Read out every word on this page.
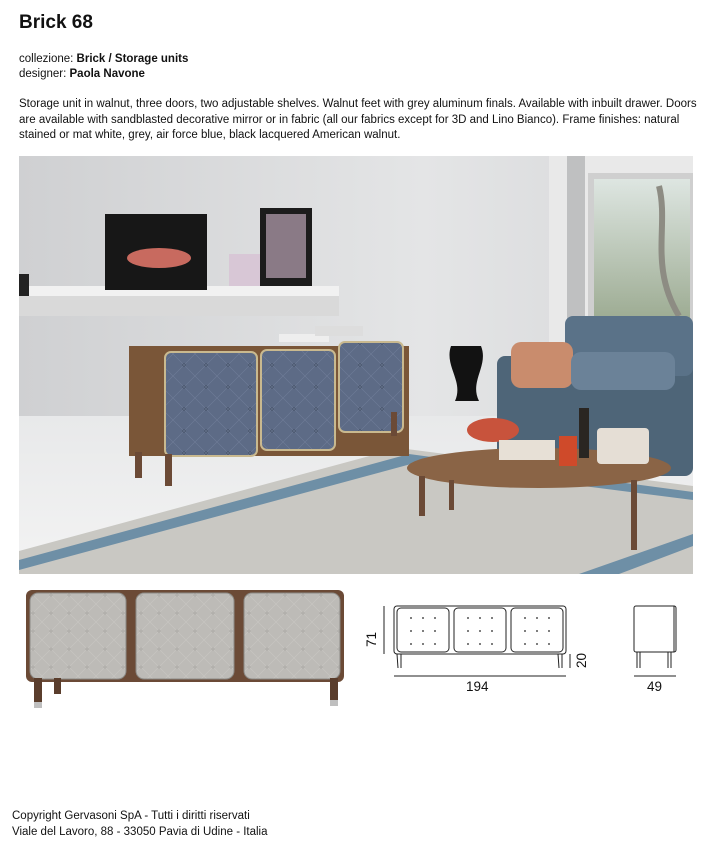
Brick 68
collezione: Brick / Storage units
designer: Paola Navone

Storage unit in walnut, three doors, two adjustable shelves. Walnut feet with grey aluminum finals. Available with inbuilt drawer. Doors are available with sandblasted decorative mirror or in fabric (all our fabrics except for 3D and Lino Bianco). Frame finishes: natural stained or mat white, grey, air force blue, black lacquered American walnut.

71
194
20
49
Copyright Gervasoni SpA - Tutti i diritti riservati
Viale del Lavoro, 88 - 33050 Pavia di Udine - Italia
